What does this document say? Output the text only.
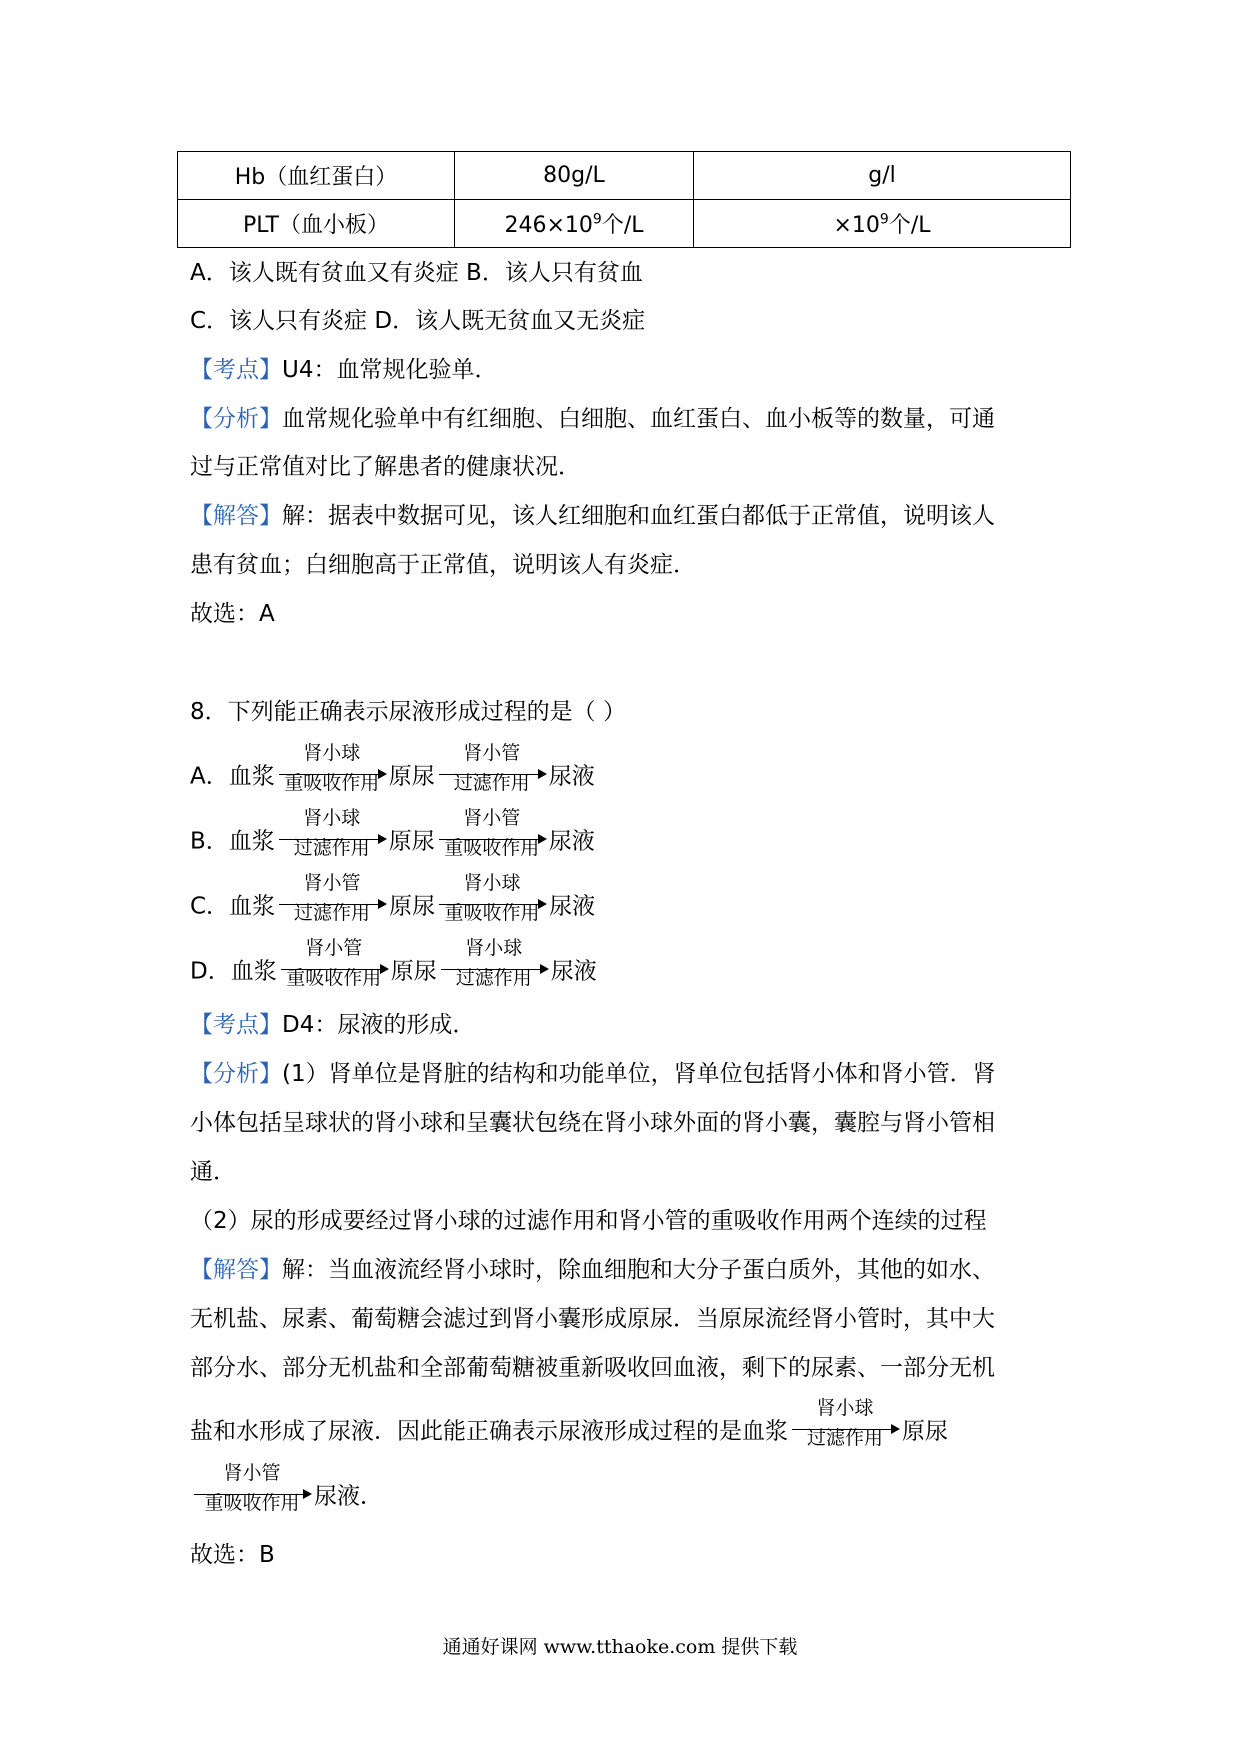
Hb（血红蛋白）	80g/L	g/l
PLT（血小板）	$246\times 10^9$个/L	$\times 10^9$个/L
A．该人既有贫血又有炎症 B．该人只有贫血
C．该人只有炎症 D．该人既无贫血又无炎症
【考点】U4：血常规化验单．
【分析】血常规化验单中有红细胞、白细胞、血红蛋白、血小板等的数量，可通
过与正常值对比了解患者的健康状况．
【解答】解：据表中数据可见，该人红细胞和血红蛋白都低于正常值，说明该人
患有贫血；白细胞高于正常值，说明该人有炎症．
故选：A
8．下列能正确表示尿液形成过程的是（ ）
A．血浆
肾小球
重吸收作用 原尿
肾小管
过滤作用 尿液
B．血浆
肾小球
过滤作用 原尿
肾小管
重吸收作用 尿液
C．血浆
肾小管
过滤作用 原尿
肾小球
重吸收作用 尿液
D．血浆
肾小管
重吸收作用 原尿
肾小球
过滤作用 尿液
【考点】D4：尿液的形成．
【分析】(1）肾单位是肾脏的结构和功能单位，肾单位包括肾小体和肾小管．肾
小体包括呈球状的肾小球和呈囊状包绕在肾小球外面的肾小囊，囊腔与肾小管相
通．
（2）尿的形成要经过肾小球的过滤作用和肾小管的重吸收作用两个连续的过程
【解答】解：当血液流经肾小球时，除血细胞和大分子蛋白质外，其他的如水、
无机盐、尿素、葡萄糖会滤过到肾小囊形成原尿．当原尿流经肾小管时，其中大
部分水、部分无机盐和全部葡萄糖被重新吸收回血液，剩下的尿素、一部分无机
盐和水形成了尿液．因此能正确表示尿液形成过程的是血浆
肾小球
过滤作用 原尿
肾小管
重吸收作用 尿液．
故选：B
通通好课网 www.tthaoke.com 提供下载
